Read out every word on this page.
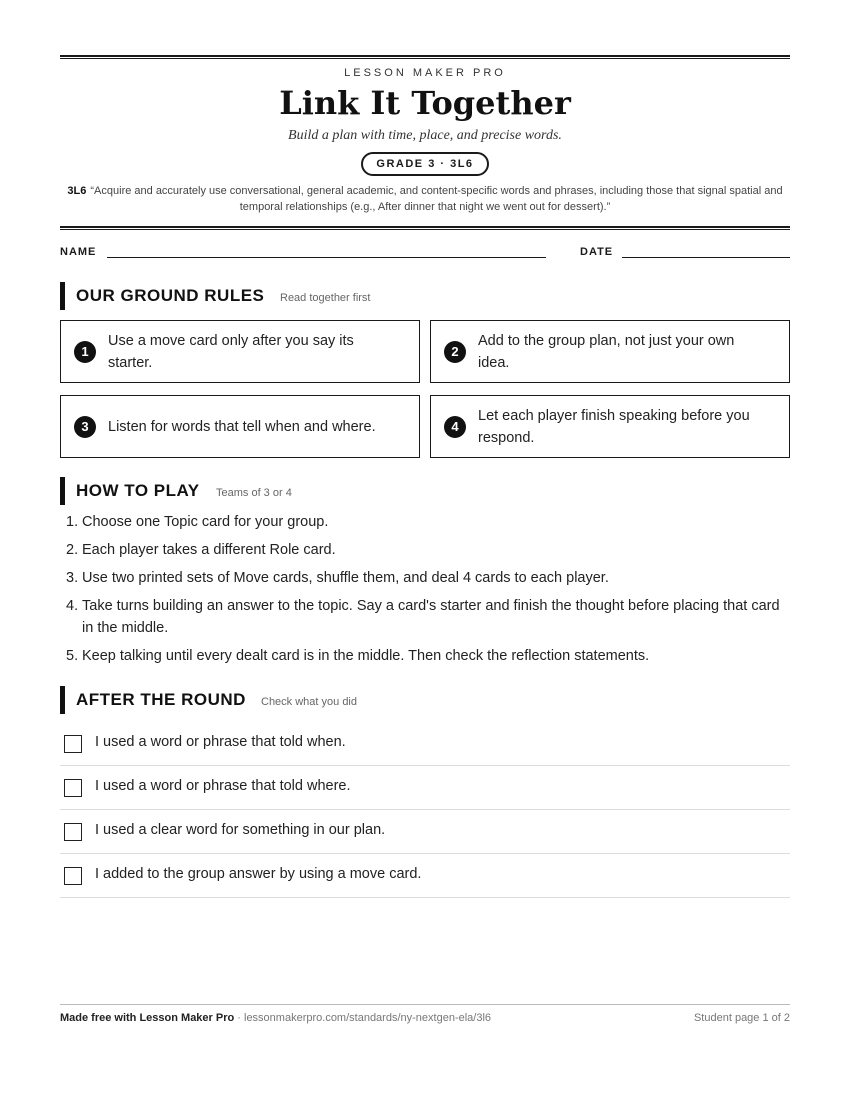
LESSON MAKER PRO
Link It Together
Build a plan with time, place, and precise words.
GRADE 3 · 3L6
3L6 “Acquire and accurately use conversational, general academic, and content-specific words and phrases, including those that signal spatial and temporal relationships (e.g., After dinner that night we went out for dessert).”
NAME	DATE
OUR GROUND RULES Read together first
1
Use a move card only after you say its starter.
2
Add to the group plan, not just your own idea.
3	Listen for words that tell when and where.	4
Let each player finish speaking before you respond.
HOW TO PLAY Teams of 3 or 4
1. Choose one Topic card for your group.
2. Each player takes a different Role card.
3. Use two printed sets of Move cards, shuffle them, and deal 4 cards to each player.
4. Take turns building an answer to the topic. Say a card's starter and finish the thought before placing that card in the middle.
5. Keep talking until every dealt card is in the middle. Then check the reflection statements.
AFTER THE ROUND Check what you did
I used a word or phrase that told when.
I used a word or phrase that told where.
I used a clear word for something in our plan.
I added to the group answer by using a move card.
Made free with Lesson Maker Pro · lessonmakerpro.com/standards/ny-nextgen-ela/3l6	Student page 1 of 2
